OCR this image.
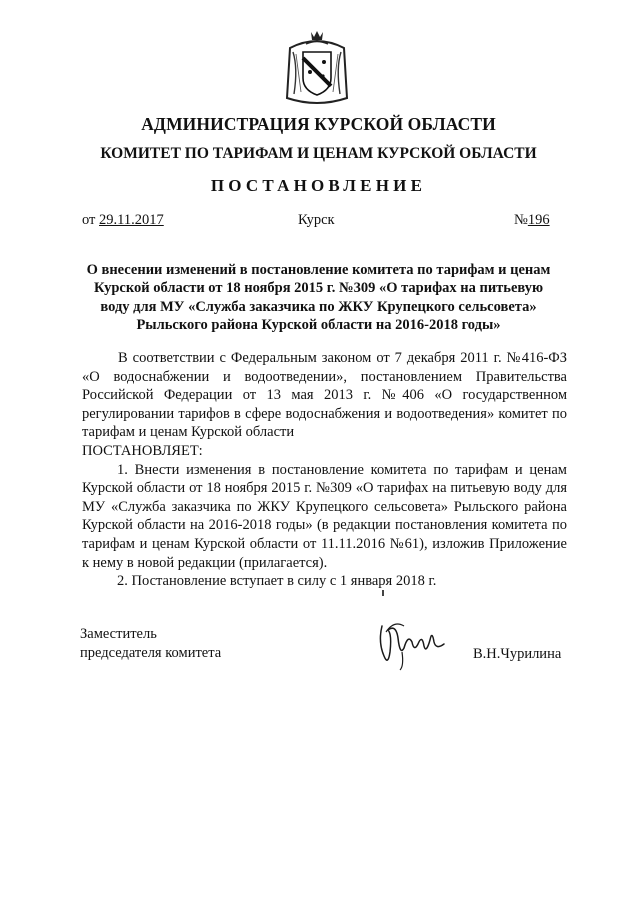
АДМИНИСТРАЦИЯ КУРСКОЙ ОБЛАСТИ
КОМИТЕТ ПО ТАРИФАМ И ЦЕНАМ КУРСКОЙ ОБЛАСТИ
ПОСТАНОВЛЕНИЕ
от 29.11.2017	Курск	№196
О внесении изменений в постановление комитета по тарифам и ценам
Курской области от 18 ноября 2015 г. №309 «О тарифах на питьевую
воду для МУ «Служба заказчика по ЖКУ Крупецкого сельсовета»
Рыльского района Курской области на 2016-2018 годы»

В соответствии с Федеральным законом от 7 декабря 2011 г. №416-ФЗ «О водоснабжении и водоотведении», постановлением Правительства Российской Федерации от 13 мая 2013 г. №406 «О государственном регулировании тарифов в сфере водоснабжения и водоотведения» комитет по тарифам и ценам Курской области

ПОСТАНОВЛЯЕТ:

1. Внести изменения в постановление комитета по тарифам и ценам Курской области от 18 ноября 2015 г. №309 «О тарифах на питьевую воду для МУ «Служба заказчика по ЖКУ Крупецкого сельсовета» Рыльского района Курской области на 2016-2018 годы» (в редакции постановления комитета по тарифам и ценам Курской области от 11.11.2016 №61), изложив Приложение к нему в новой редакции (прилагается).

2. Постановление вступает в силу с 1 января 2018 г.

Заместитель
председателя комитета	В.Н.Чурилина
